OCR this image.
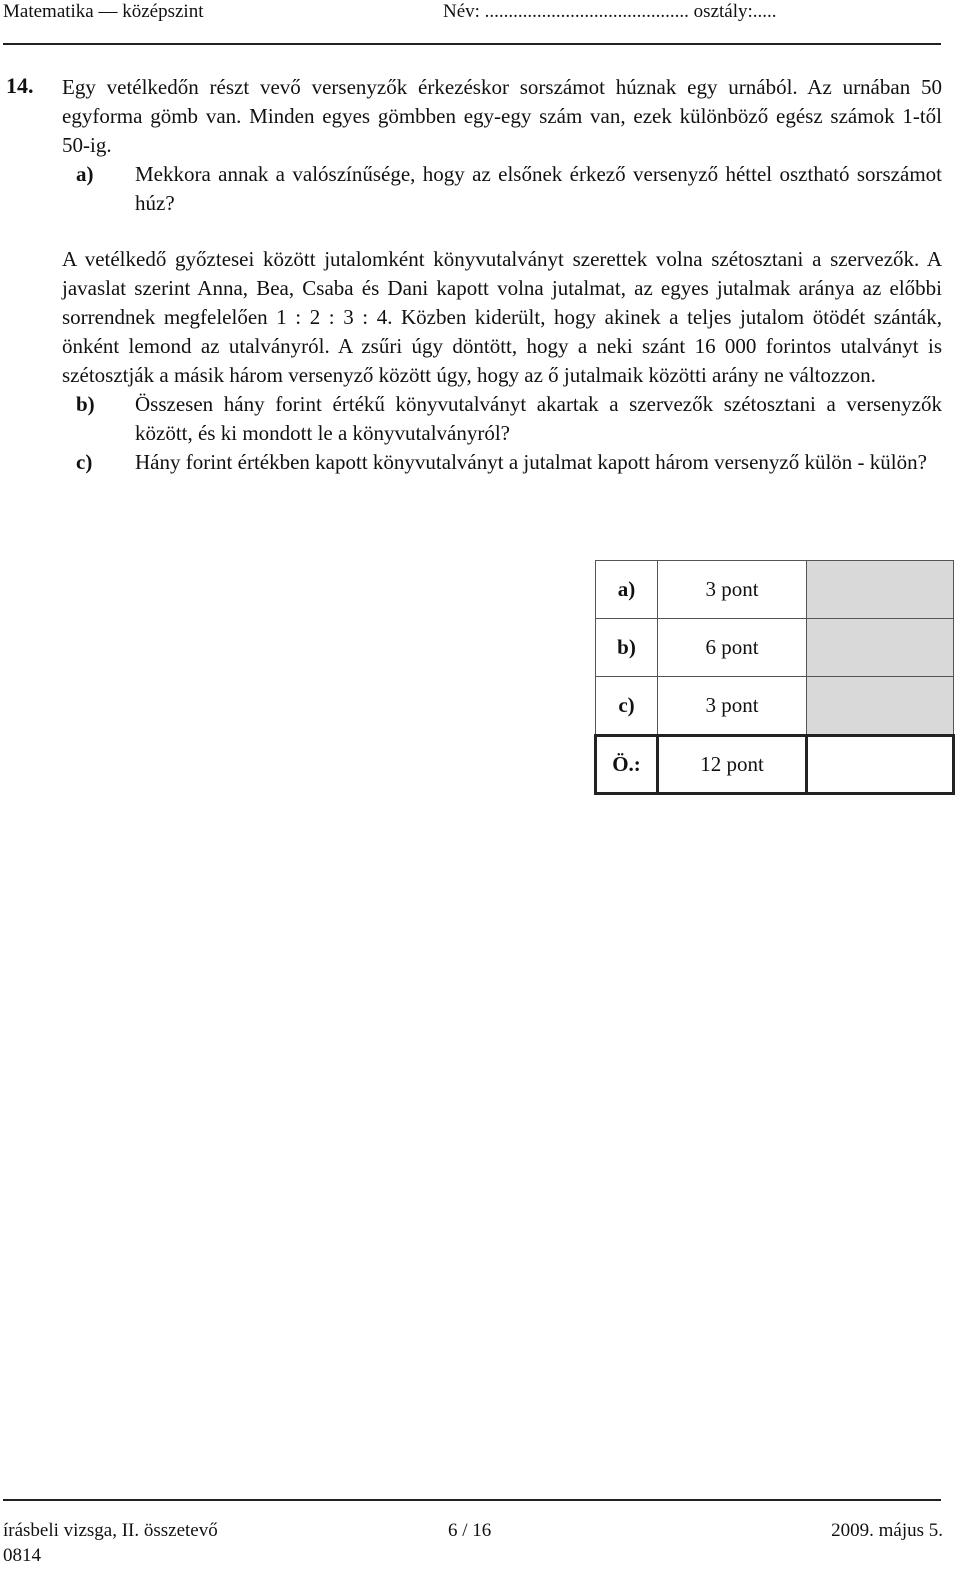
Matematika — középszint	Név: ........................................... osztály:.....
14. Egy vetélkedőn részt vevő versenyzők érkezéskor sorszámot húznak egy urnából. Az urnában 50 egyforma gömb van. Minden egyes gömbben egy-egy szám van, ezek különböző egész számok 1-től 50-ig.

a) Mekkora annak a valószínűsége, hogy az elsőnek érkező versenyző héttel osztható sorszámot húz?

A vetélkedő győztesei között jutalomként könyvutalványt szerettek volna szétosztani a szervezők. A javaslat szerint Anna, Bea, Csaba és Dani kapott volna jutalmat, az egyes jutalmak aránya az előbbi sorrendnek megfelelően 1 : 2 : 3 : 4. Közben kiderült, hogy akinek a teljes jutalom ötödét szánták, önként lemond az utalványról. A zsűri úgy döntött, hogy a neki szánt 16 000 forintos utalványt is szétosztják a másik három versenyző között úgy, hogy az ő jutalmaik közötti arány ne változzon.

b) Összesen hány forint értékű könyvutalványt akartak a szervezők szétosztani a versenyzők között, és ki mondott le a könyvutalványról?
c) Hány forint értékben kapott könyvutalványt a jutalmat kapott három versenyző külön - külön?
a)	3 pont	
b)	6 pont	
c)	3 pont	
Ö.:	12 pont	
írásbeli vizsga, II. összetevő	6 / 16	2009. május 5.
0814
